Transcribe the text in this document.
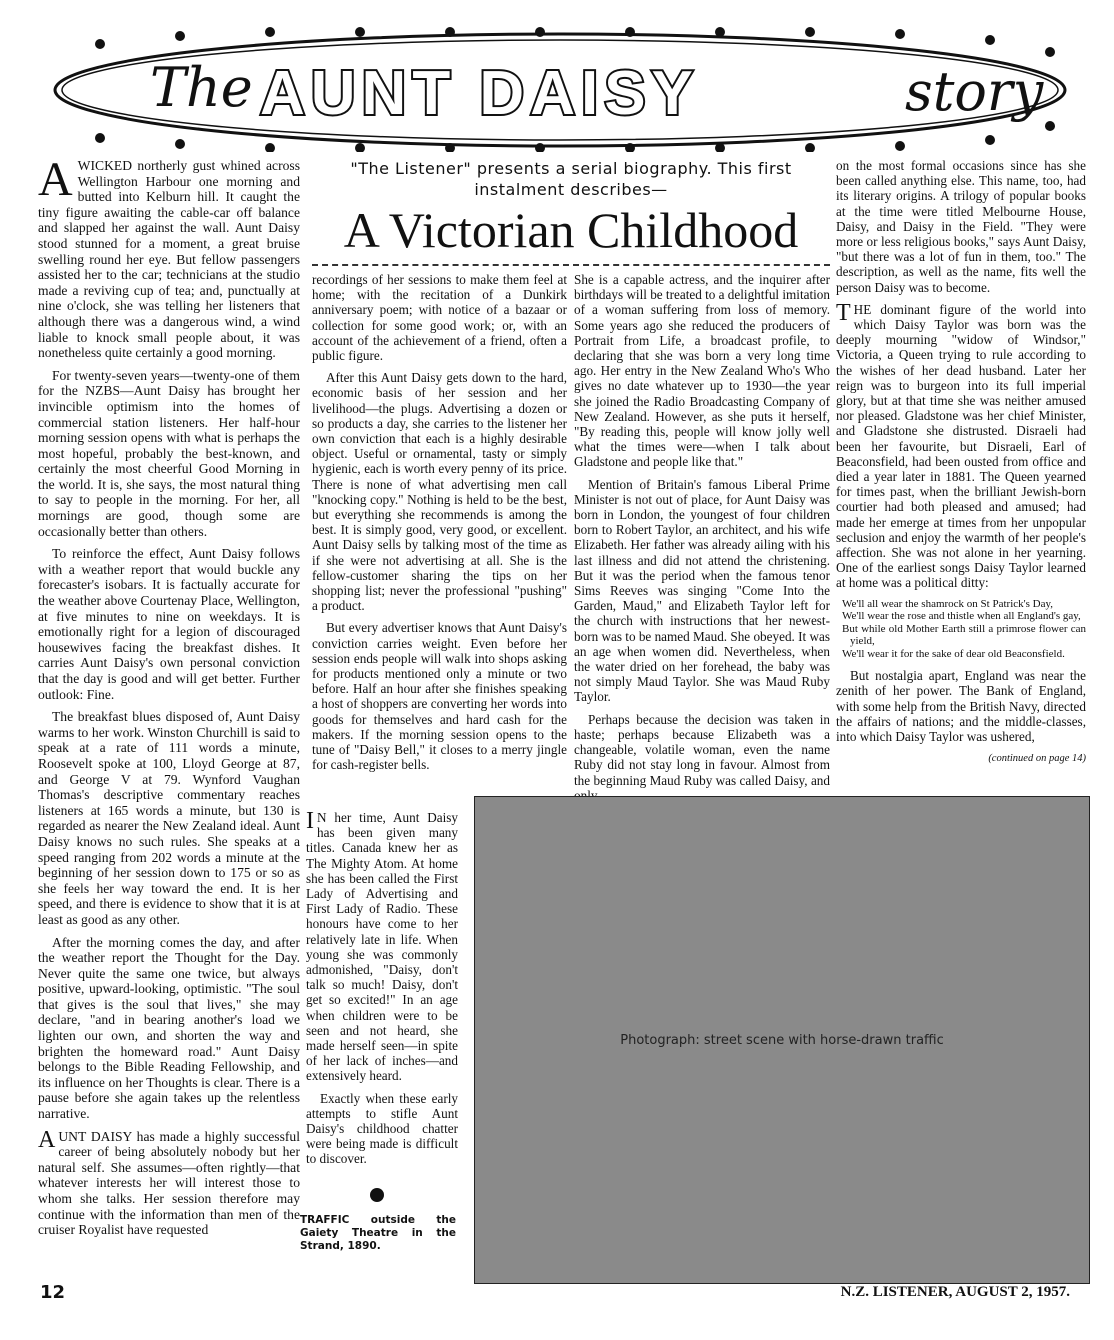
The AUNT DAISY	story
A WICKED northerly gust whined across Wellington Harbour one morning and butted into Kelburn hill. It caught the tiny figure awaiting the cable-car off balance and slapped her against the wall. Aunt Daisy stood stunned for a moment, a great bruise swelling round her eye. But fellow passengers assisted her to the car; technicians at the studio made a reviving cup of tea; and, punctually at nine o'clock, she was telling her listeners that although there was a dangerous wind, a wind liable to knock small people about, it was nonetheless quite certainly a good morning.

For twenty-seven years—twenty-one of them for the NZBS—Aunt Daisy has brought her invincible optimism into the homes of commercial station listeners. Her half-hour morning session opens with what is perhaps the most hopeful, probably the best-known, and certainly the most cheerful Good Morning in the world. It is, she says, the most natural thing to say to people in the morning. For her, all mornings are good, though some are occasionally better than others.

To reinforce the effect, Aunt Daisy follows with a weather report that would buckle any forecaster's isobars. It is factually accurate for the weather above Courtenay Place, Wellington, at five minutes to nine on weekdays. It is emotionally right for a legion of discouraged housewives facing the breakfast dishes. It carries Aunt Daisy's own personal conviction that the day is good and will get better. Further outlook: Fine.

The breakfast blues disposed of, Aunt Daisy warms to her work. Winston Churchill is said to speak at a rate of 111 words a minute, Roosevelt spoke at 100, Lloyd George at 87, and George V at 79. Wynford Vaughan Thomas's descriptive commentary reaches listeners at 165 words a minute, but 130 is regarded as nearer the New Zealand ideal. Aunt Daisy knows no such rules. She speaks at a speed ranging from 202 words a minute at the beginning of her session down to 175 or so as she feels her way toward the end. It is her speed, and there is evidence to show that it is at least as good as any other.

After the morning comes the day, and after the weather report the Thought for the Day. Never quite the same one twice, but always positive, upward-looking, optimistic. "The soul that gives is the soul that lives," she may declare, "and in bearing another's load we lighten our own, and shorten the way and brighten the homeward road." Aunt Daisy belongs to the Bible Reading Fellowship, and its influence on her Thoughts is clear. There is a pause before she again takes up the relentless narrative.

AUNT DAISY has made a highly successful career of being absolutely nobody but her natural self. She assumes—often rightly—that whatever interests her will interest those to whom she talks. Her session therefore may continue with the information than men of the cruiser Royalist have requested

"The Listener" presents a serial biography. This first instalment describes—
A Victorian Childhood

recordings of her sessions to make them feel at home; with the recitation of a Dunkirk anniversary poem; with notice of a bazaar or collection for some good work; or, with an account of the achievement of a friend, often a public figure.

After this Aunt Daisy gets down to the hard, economic basis of her session and her livelihood—the plugs. Advertising a dozen or so products a day, she carries to the listener her own conviction that each is a highly desirable object. Useful or ornamental, tasty or simply hygienic, each is worth every penny of its price. There is none of what advertising men call "knocking copy." Nothing is held to be the best, but everything she recommends is among the best. It is simply good, very good, or excellent. Aunt Daisy sells by talking most of the time as if she were not advertising at all. She is the fellow-customer sharing the tips on her shopping list; never the professional "pushing" a product.

But every advertiser knows that Aunt Daisy's conviction carries weight. Even before her session ends people will walk into shops asking for products mentioned only a minute or two before. Half an hour after she finishes speaking a host of shoppers are converting her words into goods for themselves and hard cash for the makers. If the morning session opens to the tune of "Daisy Bell," it closes to a merry jingle for cash-register bells.

She is a capable actress, and the inquirer after birthdays will be treated to a delightful imitation of a woman suffering from loss of memory. Some years ago she reduced the producers of Portrait from Life, a broadcast profile, to declaring that she was born a very long time ago. Her entry in the New Zealand Who's Who gives no date whatever up to 1930—the year she joined the Radio Broadcasting Company of New Zealand. However, as she puts it herself, "By reading this, people will know jolly well what the times were—when I talk about Gladstone and people like that."

Mention of Britain's famous Liberal Prime Minister is not out of place, for Aunt Daisy was born in London, the youngest of four children born to Robert Taylor, an architect, and his wife Elizabeth. Her father was already ailing with his last illness and did not attend the christening. But it was the period when the famous tenor Sims Reeves was singing "Come Into the Garden, Maud," and Elizabeth Taylor left for the church with instructions that her newest-born was to be named Maud. She obeyed. It was an age when women did. Nevertheless, when the water dried on her forehead, the baby was not simply Maud Taylor. She was Maud Ruby Taylor.

Perhaps because the decision was taken in haste; perhaps because Elizabeth was a changeable, volatile woman, even the name Ruby did not stay long in favour. Almost from the beginning Maud Ruby was called Daisy, and

on the most formal occasions since has she been called anything else. This name, too, had its literary origins. A trilogy of popular books at the time were titled Melbourne House, Daisy, and Daisy in the Field. "They were more or less religious books," says Aunt Daisy, "but there was a lot of fun in them, too." The description, as well as the name, fits well the person Daisy was to become.

THE dominant figure of the world into which Daisy Taylor was born was the deeply mourning "widow of Windsor," Victoria, a Queen trying to rule according to the wishes of her dead husband. Later her reign was to burgeon into its full imperial glory, but at that time she was neither amused nor pleased. Gladstone was her chief Minister, and Gladstone she distrusted. Disraeli had been her favourite, but Disraeli, Earl of Beaconsfield, had been ousted from office and died a year later in 1881. The Queen yearned for times past, when the brilliant Jewish-born courtier had both pleased and amused; had made her emerge at times from her unpopular seclusion and enjoy the warmth of her people's affection. She was not alone in her yearning. One of the earliest songs Daisy Taylor learned at home was a political ditty:

We'll all wear the shamrock on St Patrick's Day,
We'll wear the rose and thistle when all England's gay,
But while old Mother Earth still a primrose flower can yield,
We'll wear it for the sake of dear old Beaconsfield.

But nostalgia apart, England was near the zenith of her power. The Bank of England, with some help from the British Navy, directed the affairs of nations; and the middle-classes, into which Daisy Taylor was ushered,

(continued on page 14)

I N her time, Aunt Daisy has been given many titles. Canada knew her as The Mighty Atom. At home she has been called the First Lady of Advertising and First Lady of Radio. These honours have come to her relatively late in life. When young she was commonly admonished, "Daisy, don't talk so much! Daisy, don't get so excited!" In an age when children were to be seen and not heard, she made herself seen—in spite of her lack of inches—and extensively heard.

Exactly when these early attempts to stifle Aunt Daisy's childhood chatter were being made is difficult to discover.

TRAFFIC outside the Gaiety Theatre in the Strand, 1890.
Photograph: street scene with horse-drawn traffic
12	N.Z. LISTENER, AUGUST 2, 1957.
